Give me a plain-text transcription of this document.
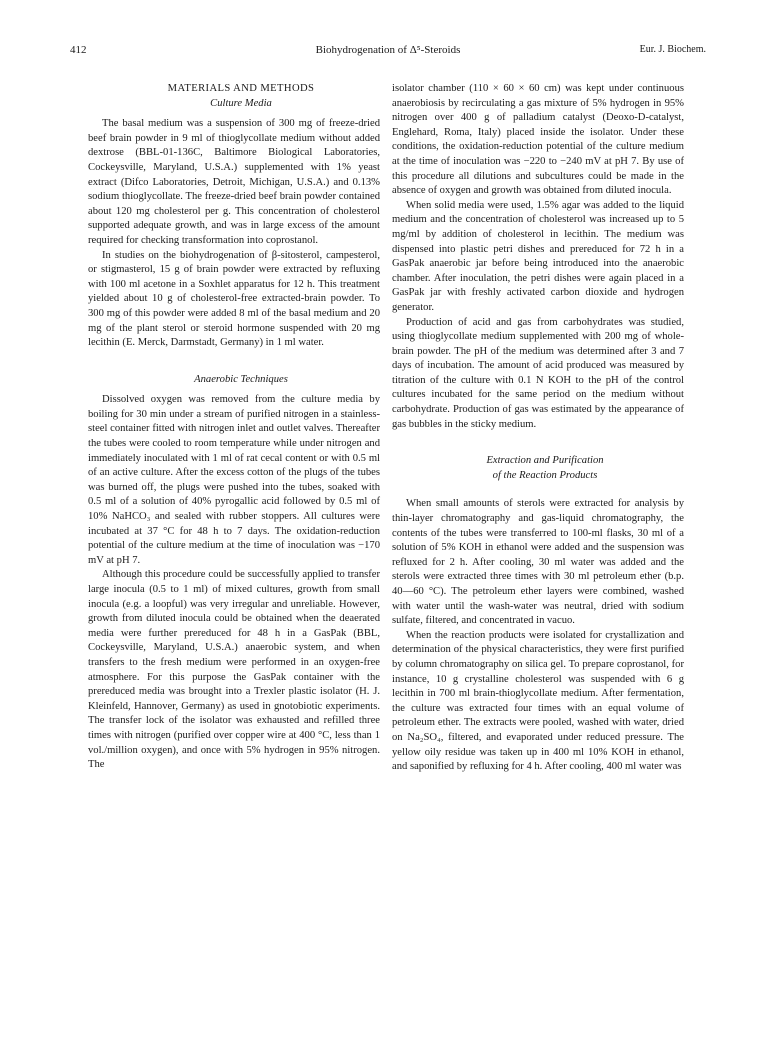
412	Biohydrogenation of Δ⁵-Steroids	Eur. J. Biochem.

MATERIALS AND METHODS

Culture Media

The basal medium was a suspension of 300 mg of freeze-dried beef brain powder in 9 ml of thioglycollate medium without added dextrose (BBL-01-136C, Baltimore Biological Laboratories, Cockeysville, Maryland, U.S.A.) supplemented with 1% yeast extract (Difco Laboratories, Detroit, Michigan, U.S.A.) and 0.13% sodium thioglycollate. The freeze-dried beef brain powder contained about 120 mg cholesterol per g. This concentration of cholesterol supported adequate growth, and was in large excess of the amount required for checking transformation into coprostanol.

In studies on the biohydrogenation of β-sitosterol, campesterol, or stigmasterol, 15 g of brain powder were extracted by refluxing with 100 ml acetone in a Soxhlet apparatus for 12 h. This treatment yielded about 10 g of cholesterol-free extracted-brain powder. To 300 mg of this powder were added 8 ml of the basal medium and 20 mg of the plant sterol or steroid hormone suspended with 20 mg lecithin (E. Merck, Darmstadt, Germany) in 1 ml water.

Anaerobic Techniques

Dissolved oxygen was removed from the culture media by boiling for 30 min under a stream of purified nitrogen in a stainless-steel container fitted with nitrogen inlet and outlet valves. Thereafter the tubes were cooled to room temperature while under nitrogen and immediately inoculated with 1 ml of rat cecal content or with 0.5 ml of an active culture. After the excess cotton of the plugs of the tubes was burned off, the plugs were pushed into the tubes, soaked with 0.5 ml of a solution of 40% pyrogallic acid followed by 0.5 ml of 10% NaHCO₃ and sealed with rubber stoppers. All cultures were incubated at 37 °C for 48 h to 7 days. The oxidation-reduction potential of the culture medium at the time of inoculation was −170 mV at pH 7.

Although this procedure could be successfully applied to transfer large inocula (0.5 to 1 ml) of mixed cultures, growth from small inocula (e.g. a loopful) was very irregular and unreliable. However, growth from diluted inocula could be obtained when the deaerated media were further prereduced for 48 h in a GasPak (BBL, Cockeysville, Maryland, U.S.A.) anaerobic system, and when transfers to the fresh medium were performed in an oxygen-free atmosphere. For this purpose the GasPak container with the prereduced media was brought into a Trexler plastic isolator (H. J. Kleinfeld, Hannover, Germany) as used in gnotobiotic experiments. The transfer lock of the isolator was exhausted and refilled three times with nitrogen (purified over copper wire at 400 °C, less than 1 vol./million oxygen), and once with 5% hydrogen in 95% nitrogen. The

isolator chamber (110 × 60 × 60 cm) was kept under continuous anaerobiosis by recirculating a gas mixture of 5% hydrogen in 95% nitrogen over 400 g of palladium catalyst (Deoxo-D-catalyst, Englehard, Roma, Italy) placed inside the isolator. Under these conditions, the oxidation-reduction potential of the culture medium at the time of inoculation was −220 to −240 mV at pH 7. By use of this procedure all dilutions and subcultures could be made in the absence of oxygen and growth was obtained from diluted inocula.

When solid media were used, 1.5% agar was added to the liquid medium and the concentration of cholesterol was increased up to 5 mg/ml by addition of cholesterol in lecithin. The medium was dispensed into plastic petri dishes and prereduced for 72 h in a GasPak anaerobic jar before being introduced into the anaerobic chamber. After inoculation, the petri dishes were again placed in a GasPak jar with freshly activated carbon dioxide and hydrogen generator.

Production of acid and gas from carbohydrates was studied, using thioglycollate medium supplemented with 200 mg of whole-brain powder. The pH of the medium was determined after 3 and 7 days of incubation. The amount of acid produced was measured by titration of the culture with 0.1 N KOH to the pH of the control cultures incubated for the same period on the medium without carbohydrate. Production of gas was estimated by the appearance of gas bubbles in the sticky medium.

Extraction and Purification

of the Reaction Products

When small amounts of sterols were extracted for analysis by thin-layer chromatography and gas-liquid chromatography, the contents of the tubes were transferred to 100-ml flasks, 30 ml of a solution of 5% KOH in ethanol were added and the suspension was refluxed for 2 h. After cooling, 30 ml water was added and the sterols were extracted three times with 30 ml petroleum ether (b.p. 40—60 °C). The petroleum ether layers were combined, washed with water until the wash-water was neutral, dried with sodium sulfate, filtered, and concentrated in vacuo.

When the reaction products were isolated for crystallization and determination of the physical characteristics, they were first purified by column chromatography on silica gel. To prepare coprostanol, for instance, 10 g crystalline cholesterol was suspended with 6 g lecithin in 700 ml brain-thioglycollate medium. After fermentation, the culture was extracted four times with an equal volume of petroleum ether. The extracts were pooled, washed with water, dried on Na₂SO₄, filtered, and evaporated under reduced pressure. The yellow oily residue was taken up in 400 ml 10% KOH in ethanol, and saponified by refluxing for 4 h. After cooling, 400 ml water was
